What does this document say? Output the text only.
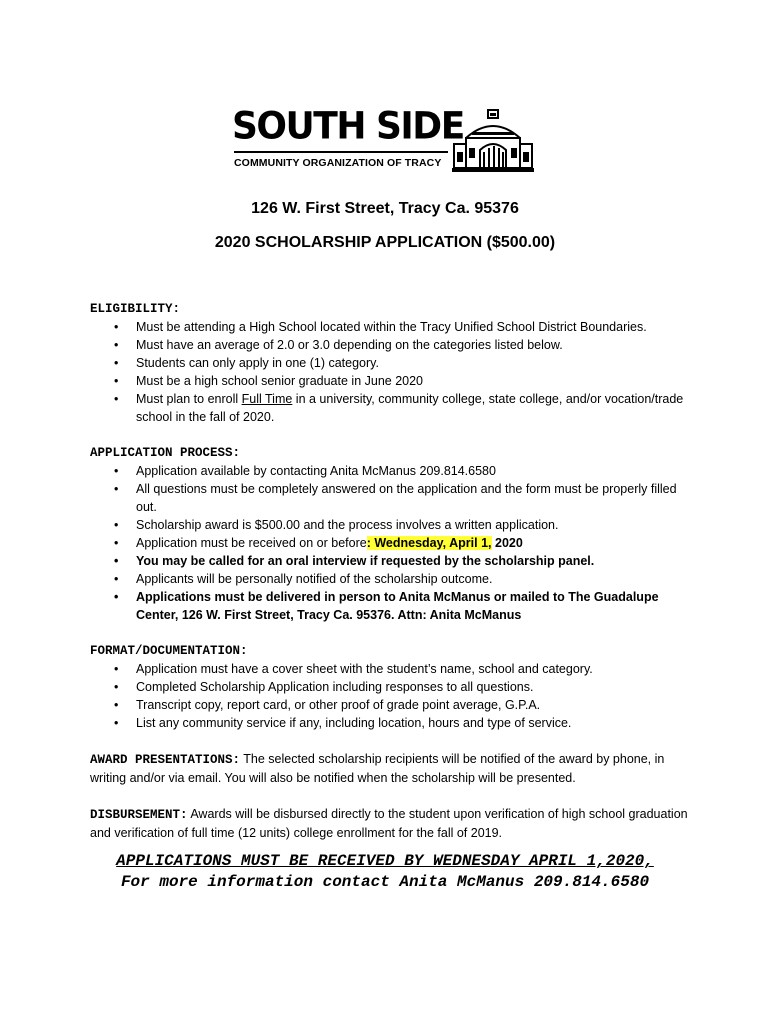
SOUTH SIDE
COMMUNITY ORGANIZATION OF TRACY
126 W. First Street, Tracy Ca. 95376
2020 SCHOLARSHIP APPLICATION ($500.00)
ELIGIBILITY:
• Must be attending a High School located within the Tracy Unified School District Boundaries.
• Must have an average of 2.0 or 3.0 depending on the categories listed below.
• Students can only apply in one (1) category.
• Must be a high school senior graduate in June 2020
• Must plan to enroll Full Time in a university, community college, state college, and/or vocation/trade school in the fall of 2020.
APPLICATION PROCESS:
• Application available by contacting Anita McManus 209.814.6580
• All questions must be completely answered on the application and the form must be properly filled out.
• Scholarship award is $500.00 and the process involves a written application.
• Application must be received on or before: Wednesday, April 1, 2020
• You may be called for an oral interview if requested by the scholarship panel.
• Applicants will be personally notified of the scholarship outcome.
• Applications must be delivered in person to Anita McManus or mailed to The Guadalupe Center, 126 W. First Street, Tracy Ca. 95376. Attn: Anita McManus
FORMAT/DOCUMENTATION:
• Application must have a cover sheet with the student’s name, school and category.
• Completed Scholarship Application including responses to all questions.
• Transcript copy, report card, or other proof of grade point average, G.P.A.
• List any community service if any, including location, hours and type of service.

AWARD PRESENTATIONS: The selected scholarship recipients will be notified of the award by phone, in writing and/or via email. You will also be notified when the scholarship will be presented.

DISBURSEMENT: Awards will be disbursed directly to the student upon verification of high school graduation and verification of full time (12 units) college enrollment for the fall of 2019.

APPLICATIONS MUST BE RECEIVED BY WEDNESDAY APRIL 1,2020,
For more information contact Anita McManus 209.814.6580
